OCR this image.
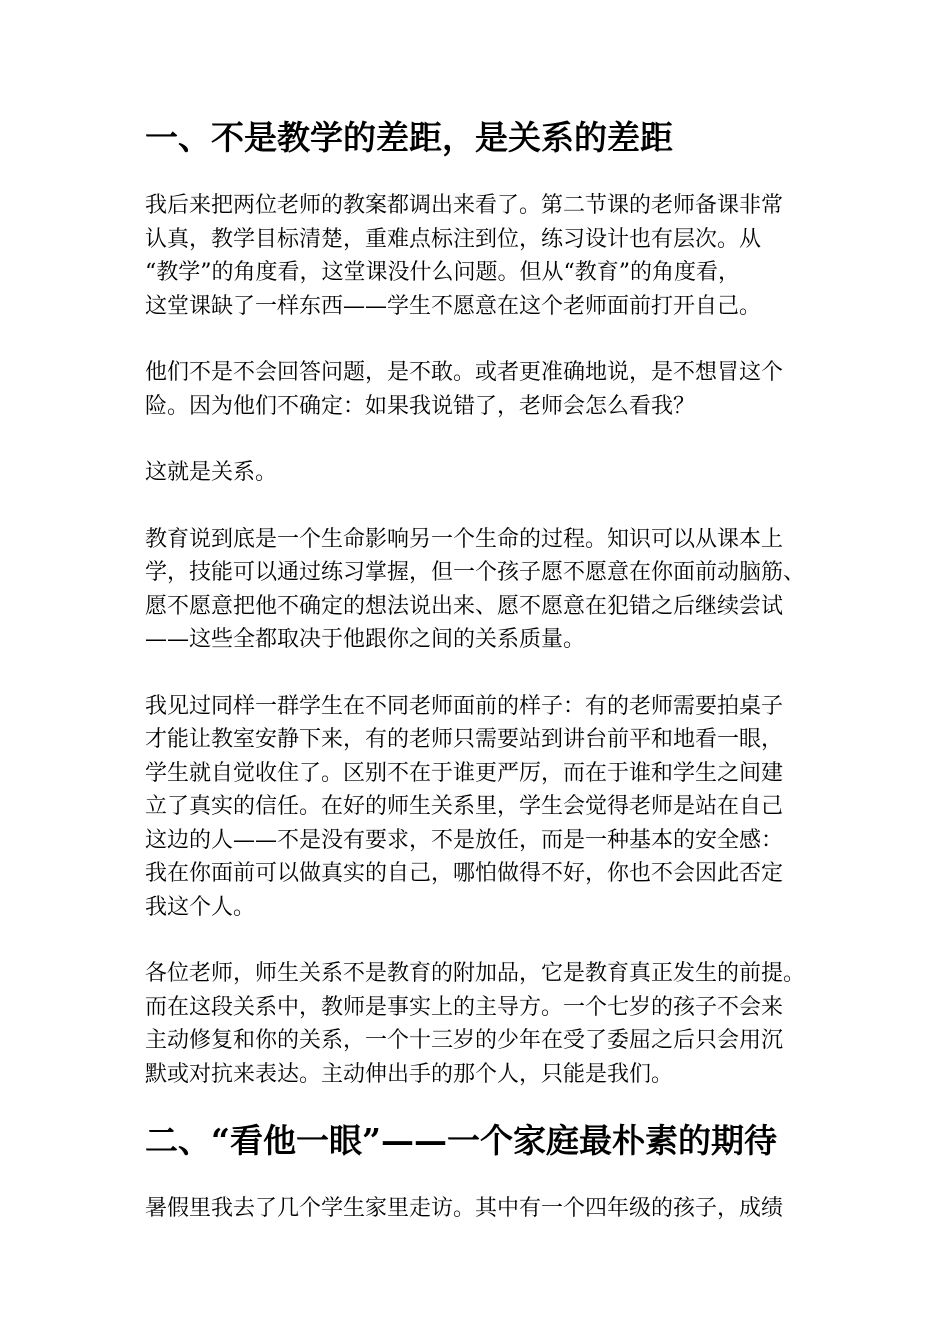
一、不是教学的差距，是关系的差距

我后来把两位老师的教案都调出来看了。第二节课的老师备课非常
认真，教学目标清楚，重难点标注到位，练习设计也有层次。从
“教学”的角度看，这堂课没什么问题。但从“教育”的角度看，
这堂课缺了一样东西——学生不愿意在这个老师面前打开自己。

他们不是不会回答问题，是不敢。或者更准确地说，是不想冒这个
险。因为他们不确定：如果我说错了，老师会怎么看我？

这就是关系。

教育说到底是一个生命影响另一个生命的过程。知识可以从课本上
学，技能可以通过练习掌握，但一个孩子愿不愿意在你面前动脑筋、
愿不愿意把他不确定的想法说出来、愿不愿意在犯错之后继续尝试
——这些全都取决于他跟你之间的关系质量。

我见过同样一群学生在不同老师面前的样子：有的老师需要拍桌子
才能让教室安静下来，有的老师只需要站到讲台前平和地看一眼，
学生就自觉收住了。区别不在于谁更严厉，而在于谁和学生之间建
立了真实的信任。在好的师生关系里，学生会觉得老师是站在自己
这边的人——不是没有要求，不是放任，而是一种基本的安全感：
我在你面前可以做真实的自己，哪怕做得不好，你也不会因此否定
我这个人。

各位老师，师生关系不是教育的附加品，它是教育真正发生的前提。
而在这段关系中，教师是事实上的主导方。一个七岁的孩子不会来
主动修复和你的关系，一个十三岁的少年在受了委屈之后只会用沉
默或对抗来表达。主动伸出手的那个人，只能是我们。

二、“看他一眼”——一个家庭最朴素的期待

暑假里我去了几个学生家里走访。其中有一个四年级的孩子，成绩
